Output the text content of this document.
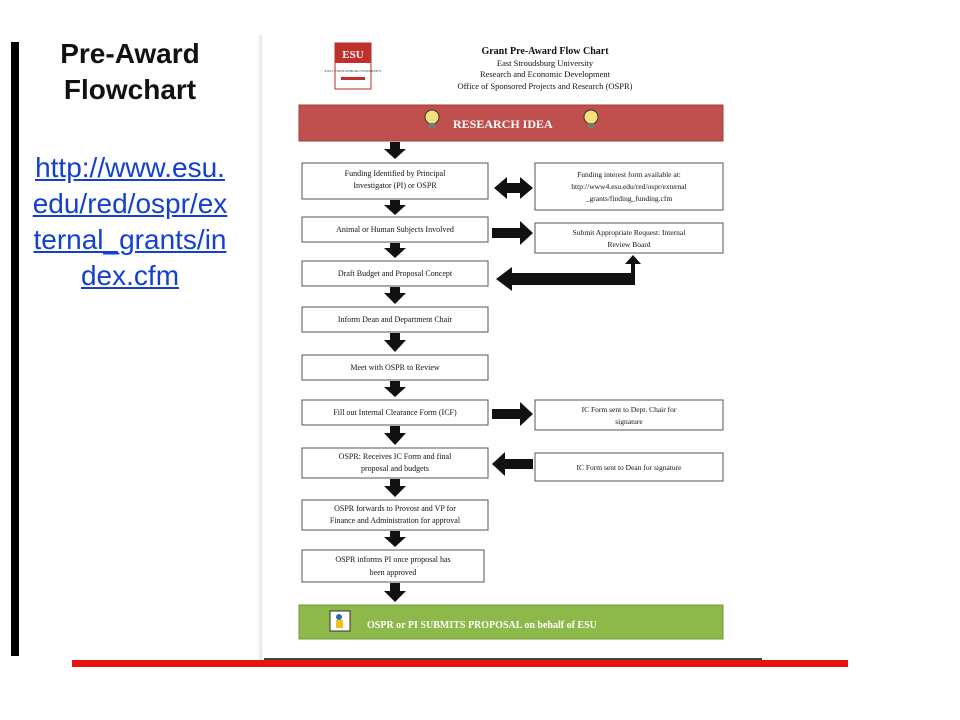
Pre-Award Flowchart
http://www.esu.edu/red/ospr/external_grants/index.cfm
ESU
EAST STROUDSBURG UNIVERSITY
Grant Pre-Award Flow Chart
East Stroudsburg University
Research and Economic Development
Office of Sponsored Projects and Research (OSPR)
RESEARCH IDEA
Funding Identified by Principal
Investigator (PI) or OSPR
Animal or Human Subjects Involved
Draft Budget and Proposal Concept
Inform Dean and Department Chair
Meet with OSPR to Review
Fill out Internal Clearance Form (ICF)
OSPR: Receives IC Form and final
proposal and budgets
OSPR forwards to Provost and VP for
Finance and Administration for approval
OSPR informs PI once proposal has
been approved
Funding interest form available at:
http://www4.esu.edu/red/ospr/external
_grants/finding_funding.cfm
Submit Appropriate Request: Internal
Review Board
IC Form sent to Dept. Chair for
signature
IC Form sent to Dean for signature
OSPR or PI SUBMITS PROPOSAL on behalf of ESU
